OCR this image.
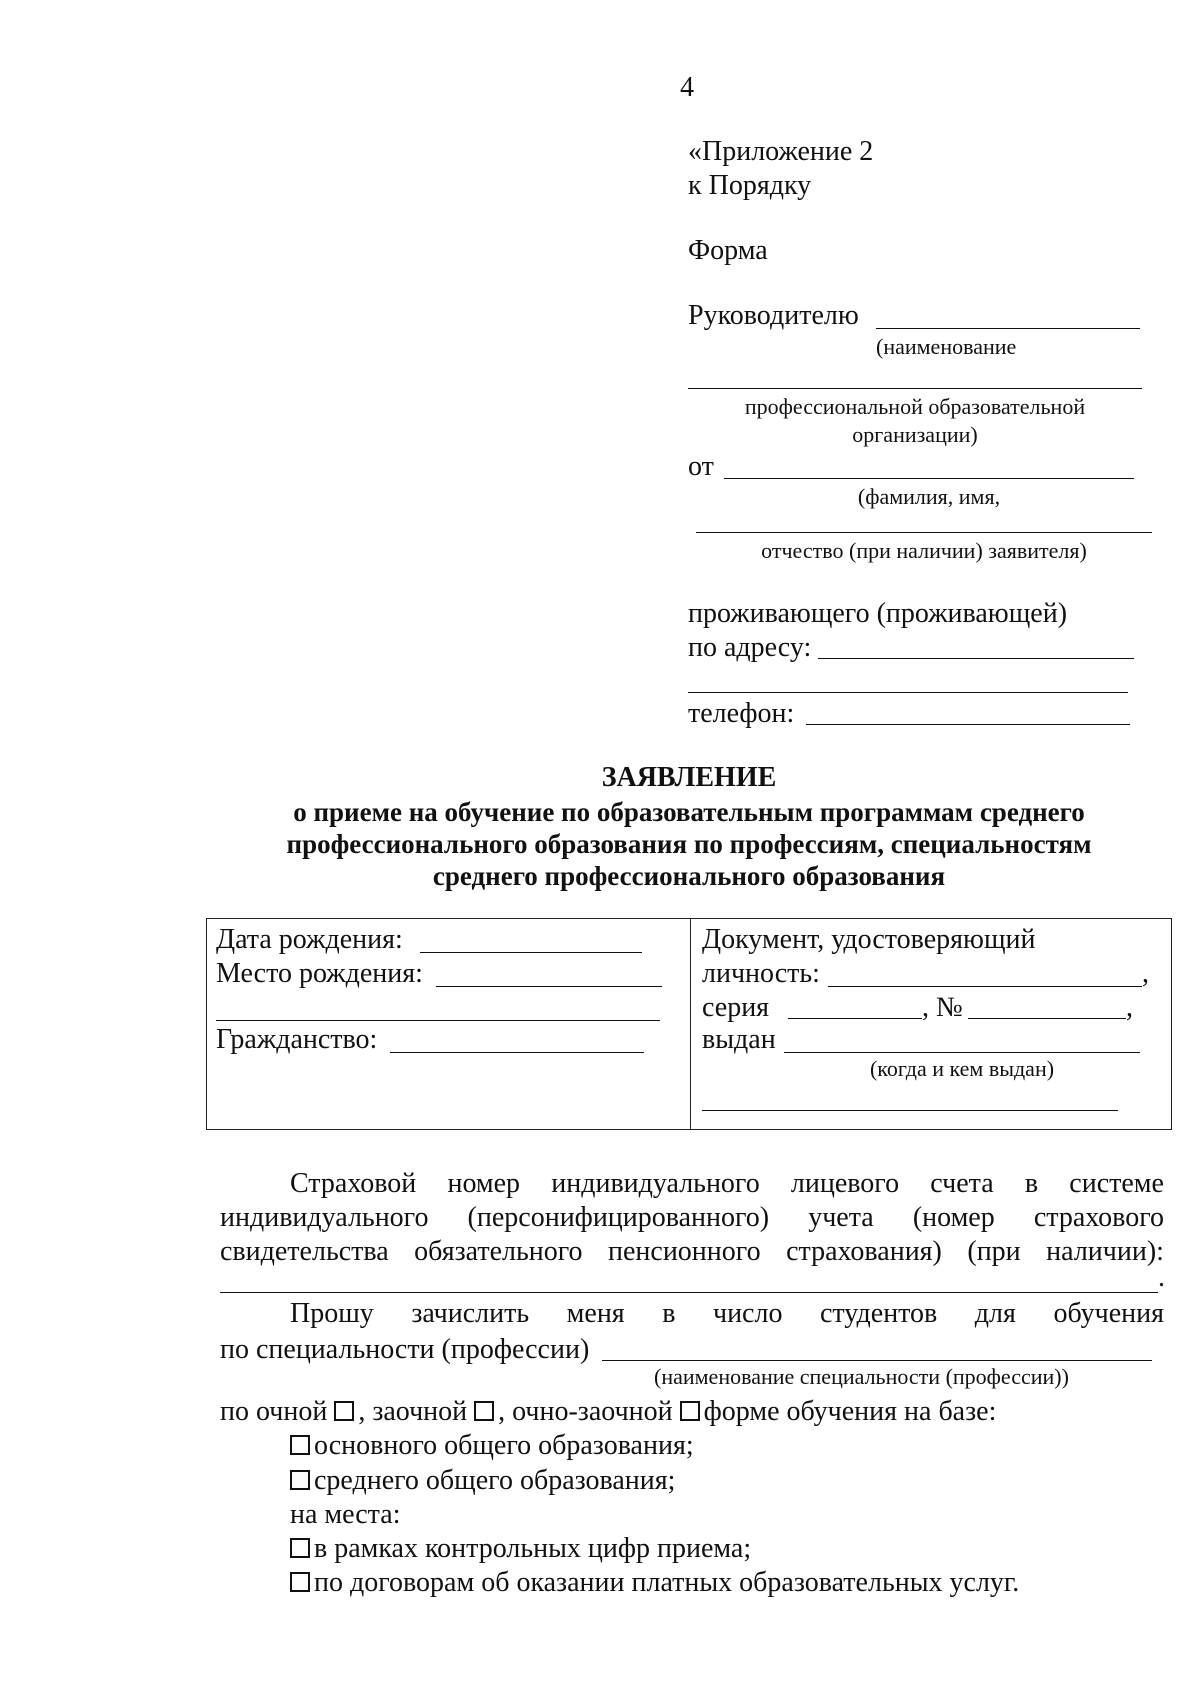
4
«Приложение 2
к Порядку
Форма
Руководителю
(наименование
профессиональной образовательной
организации)
от
(фамилия, имя,
отчество (при наличии) заявителя)
проживающего (проживающей)
по адресу:
телефон:
ЗАЯВЛЕНИЕ
о приеме на обучение по образовательным программам среднего
профессионального образования по профессиям, специальностям
среднего профессионального образования
Дата рождения:
Место рождения:
Гражданство:
Документ, удостоверяющий
личность:	,
серия	, №	,
выдан
(когда и кем выдан)
Страховой номер индивидуального лицевого счета в системе
индивидуального (персонифицированного) учета (номер страхового
свидетельства обязательного пенсионного страхования) (при наличии):
.
Прошу зачислить меня в число студентов для обучения
по специальности (профессии)
(наименование специальности (профессии))
по очной , заочной , очно-заочной форме обучения на базе:
основного общего образования;
среднего общего образования;
на места:
в рамках контрольных цифр приема;
по договорам об оказании платных образовательных услуг.
